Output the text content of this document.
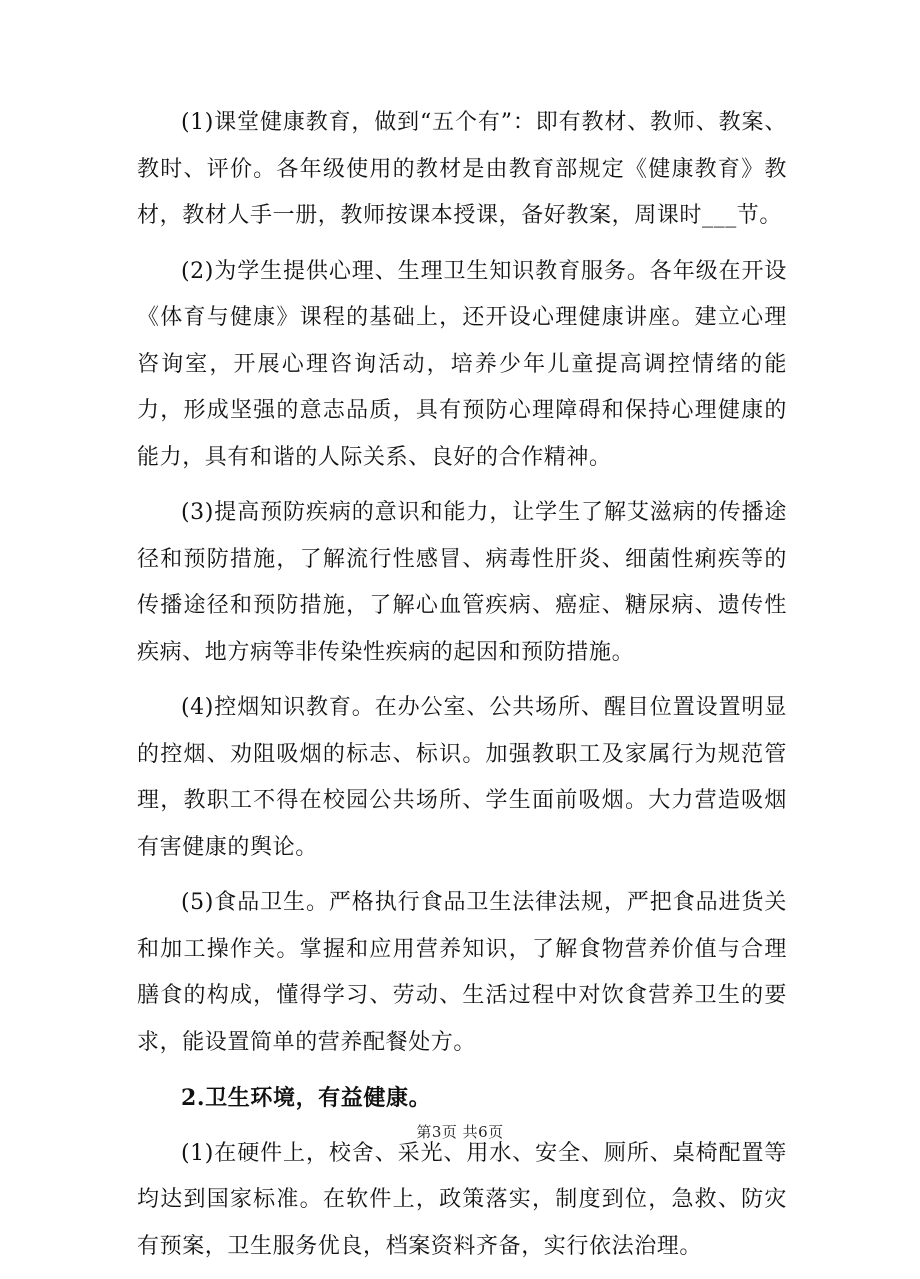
(1)课堂健康教育，做到“五个有”：即有教材、教师、教案、教时、评价。各年级使用的教材是由教育部规定《健康教育》教材，教材人手一册，教师按课本授课，备好教案，周课时___节。

(2)为学生提供心理、生理卫生知识教育服务。各年级在开设《体育与健康》课程的基础上，还开设心理健康讲座。建立心理咨询室，开展心理咨询活动，培养少年儿童提高调控情绪的能力，形成坚强的意志品质，具有预防心理障碍和保持心理健康的能力，具有和谐的人际关系、良好的合作精神。

(3)提高预防疾病的意识和能力，让学生了解艾滋病的传播途径和预防措施，了解流行性感冒、病毒性肝炎、细菌性痢疾等的传播途径和预防措施，了解心血管疾病、癌症、糖尿病、遗传性疾病、地方病等非传染性疾病的起因和预防措施。

(4)控烟知识教育。在办公室、公共场所、醒目位置设置明显的控烟、劝阻吸烟的标志、标识。加强教职工及家属行为规范管理，教职工不得在校园公共场所、学生面前吸烟。大力营造吸烟有害健康的舆论。

(5)食品卫生。严格执行食品卫生法律法规，严把食品进货关和加工操作关。掌握和应用营养知识，了解食物营养价值与合理膳食的构成，懂得学习、劳动、生活过程中对饮食营养卫生的要求，能设置简单的营养配餐处方。

2.卫生环境，有益健康。

(1)在硬件上，校舍、采光、用水、安全、厕所、桌椅配置等均达到国家标准。在软件上，政策落实，制度到位，急救、防灾有预案，卫生服务优良，档案资料齐备，实行依法治理。

第3页 共6页
